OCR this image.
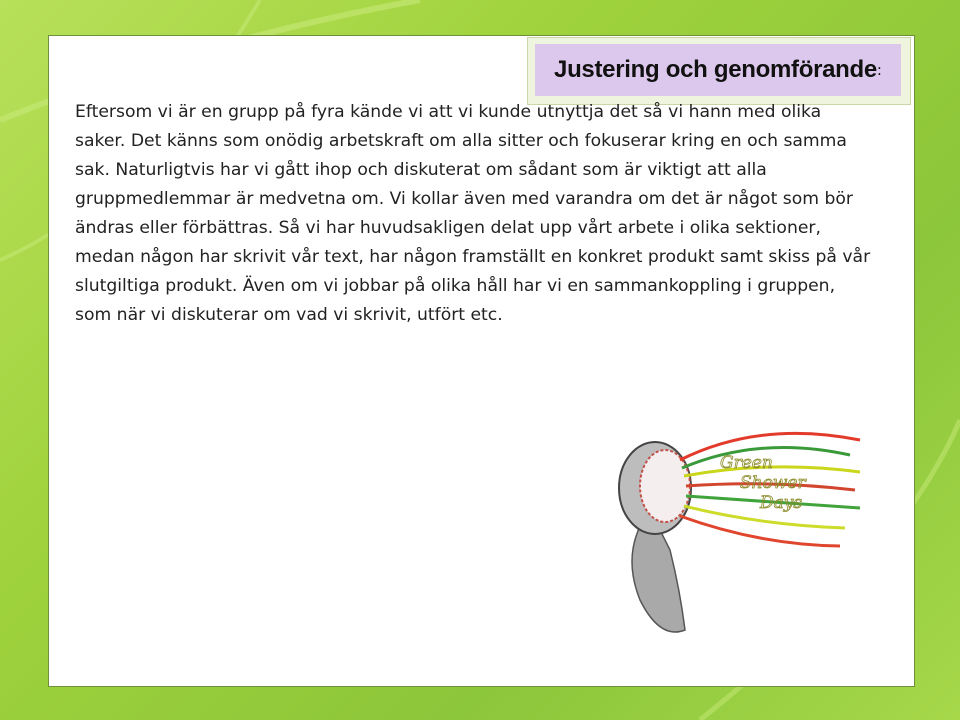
Justering och genomförande :
Eftersom vi är en grupp på fyra kände vi att vi kunde utnyttja det så vi hann med olika saker. Det känns som onödig arbetskraft om alla sitter och fokuserar kring en och samma sak. Naturligtvis har vi gått ihop och diskuterat om sådant som är viktigt att alla gruppmedlemmar är medvetna om. Vi kollar även med varandra om det är något som bör ändras eller förbättras. Så vi har huvudsakligen delat upp vårt arbete i olika sektioner, medan någon har skrivit vår text, har någon framställt en konkret produkt samt skiss på vår slutgiltiga produkt. Även om vi jobbar på olika håll har vi en sammankoppling i gruppen, som när vi diskuterar om vad vi skrivit, utfört etc.
Green
Shower
Days
